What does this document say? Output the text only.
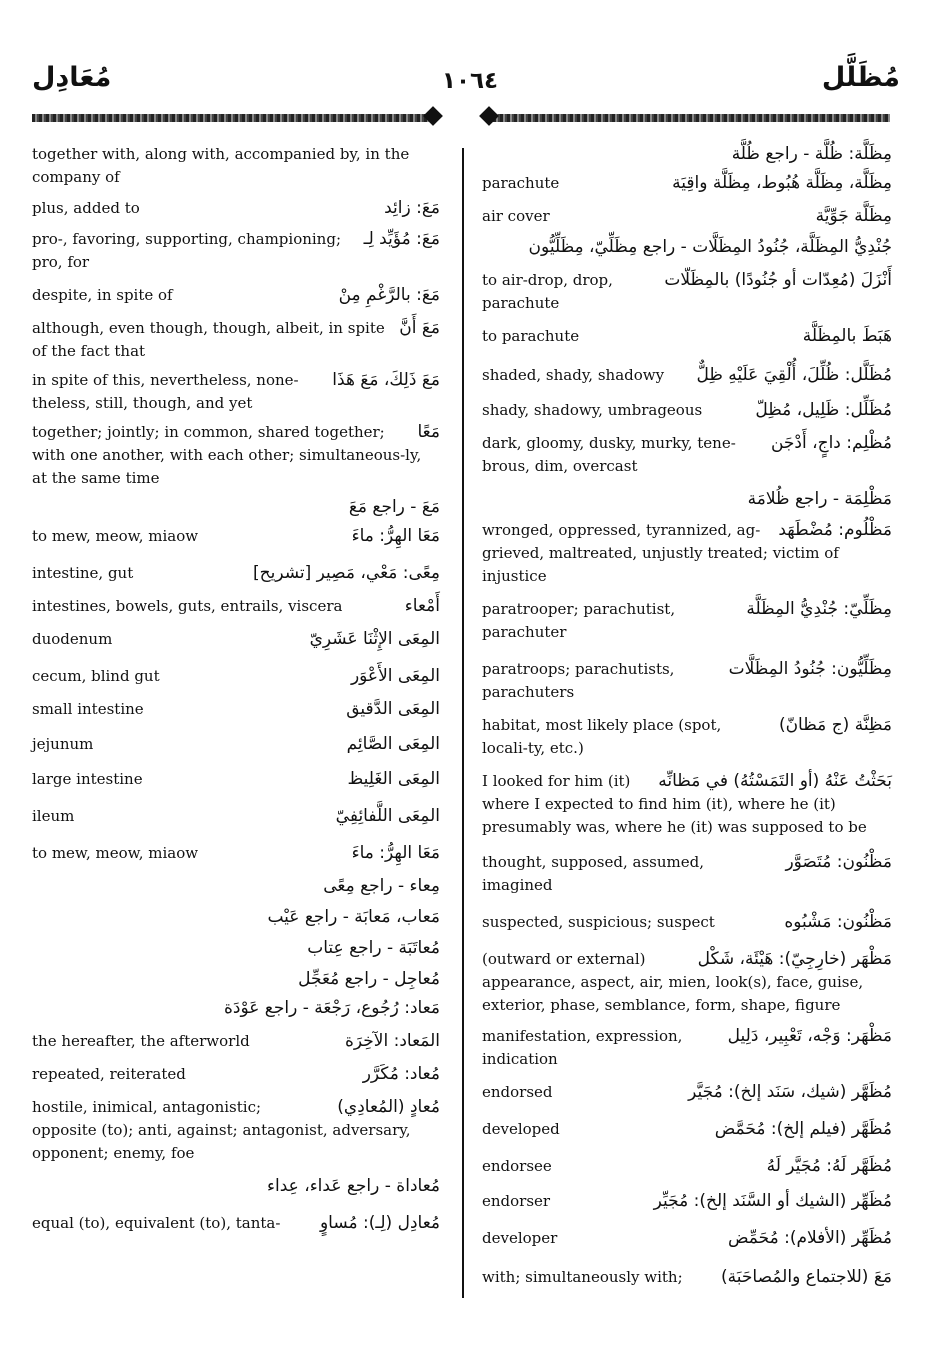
مُعَادِل	١٠٦٤	مُظَلَّل
together with, along with, accompanied by, in the company of
مَعَ: زائِد
plus, added to
مَعَ: مُؤَيِّد لِـ
pro-, favoring, supporting, championing; pro, for
مَعَ: بالرَّغْمِ مِنْ
despite, in spite of
مَعَ أَنَّ
although, even though, though, albeit, in spite of the fact that
مَعَ ذَلِكَ، مَعَ هَذَا
in spite of this, nevertheless, none-theless, still, though, and yet
مَعًا
together; jointly; in common, shared together; with one another, with each other; simultaneous-ly, at the same time
مَعَ - راجع مَعَ
مَعَا الهِرُّ: ماءَ
to mew, meow, miaow
مِعًى: مَعْي، مَصِير [تشريح]
intestine, gut
أَمْعاء
intestines, bowels, guts, entrails, viscera
المِعَى الإِثْنَا عَشَرِيّ
duodenum
المِعَى الأَعْوَر
cecum, blind gut
المِعَى الدَّقيق
small intestine
المِعَى الصَّائِم
jejunum
المِعَى الغَلِيظ
large intestine
المِعَى اللَّفائِفِيّ
ileum
مَعَا الهِرُّ: ماءَ
to mew, meow, miaow
مِعاء - راجع مِعًى
مَعاب، مَعابَة - راجع عَيْب
مُعاتَبَة - راجع عِتاب
مُعاجِل - راجع مُعَجِّل
مَعاد: رُجُوع، رَجْعَة - راجع عَوْدَة
المَعاد: الآخِرَة
the hereafter, the afterworld
مُعاد: مُكَرَّر
repeated, reiterated
مُعادٍ (المُعادِي)
hostile, inimical, antagonistic; opposite (to); anti, against; antagonist, adversary, opponent; enemy, foe
مُعاداة - راجع عَداء، عِداء
مُعادِل (لِـ): مُساوٍ
equal (to), equivalent (to), tanta-
مِظَلَّة: ظُلَّة - راجع ظُلَّة
مِظَلَّة، مِظَلَّة هُبُوط، مِظَلَّة واقِيَة
parachute
مِظَلَّة جَوِّيَّة
air cover
جُنْدِيُّ المِظَلَّة، جُنُودُ المِظَلَّات - راجع مِظَلِّيّ، مِظَلِّيُّون
أَنْزَلَ (مُعِدّات أو جُنُودًا) بالمِظَلّات
to air-drop, drop, parachute
هَبَطَ بالمِظَلَّة
to parachute
مُظَلَّل: ظُلِّلَ، أُلْقِيَ عَلَيْهِ ظِلٌّ
shaded, shady, shadowy
مُظَلِّل: ظَلِيل، مُظِلّ
shady, shadowy, umbrageous
مُظْلِم: داجٍ، أَدْجَن
dark, gloomy, dusky, murky, tene-brous, dim, overcast
مَظْلِمَة - راجع ظُلامَة
مَظْلُوم: مُضْطَهَد
wronged, oppressed, tyrannized, ag-grieved, maltreated, unjustly treated; victim of injustice
مِظَلِّيّ: جُنْدِيُّ المِظَلَّة
paratrooper; parachutist, parachuter
مِظَلِّيُّون: جُنُودُ المِظَلَّات
paratroops; parachutists, parachuters
مَظِنَّة (ج مَظانّ)
habitat, most likely place (spot, locali-ty, etc.)
بَحَثْتُ عَنْهُ (أو التَمَسْتُهُ) في مَظانِّه
I looked for him (it) where I expected to find him (it), where he (it) presumably was, where he (it) was supposed to be
مَظْنُون: مُتَصَوَّر
thought, supposed, assumed, imagined
مَظْنُون: مَشْبُوه
suspected, suspicious; suspect
مَظْهَر (خارِجِيّ): هَيْئَة، شَكْل
(outward or external)
appearance, aspect, air, mien, look(s), face, guise, exterior, phase, semblance, form, shape, figure
مَظْهَر: وَجْه، تَعْبِير، دَلِيل
manifestation, expression, indication
مُظَهَّر (شيك، سَنَد إلخ): مُجَيَّر
endorsed
مُظَهَّر (فيلم إلخ): مُحَمَّض
developed
مُظَهَّر لَهُ: مُجَيَّر لَهُ
endorsee
مُظَهِّر (الشيك أو السَّنَد إلخ): مُجَيِّر
endorser
مُظَهِّر (الأفلام): مُحَمِّض
developer
مَعَ (للاجتماع والمُصاحَبَة)
with; simultaneously with;
